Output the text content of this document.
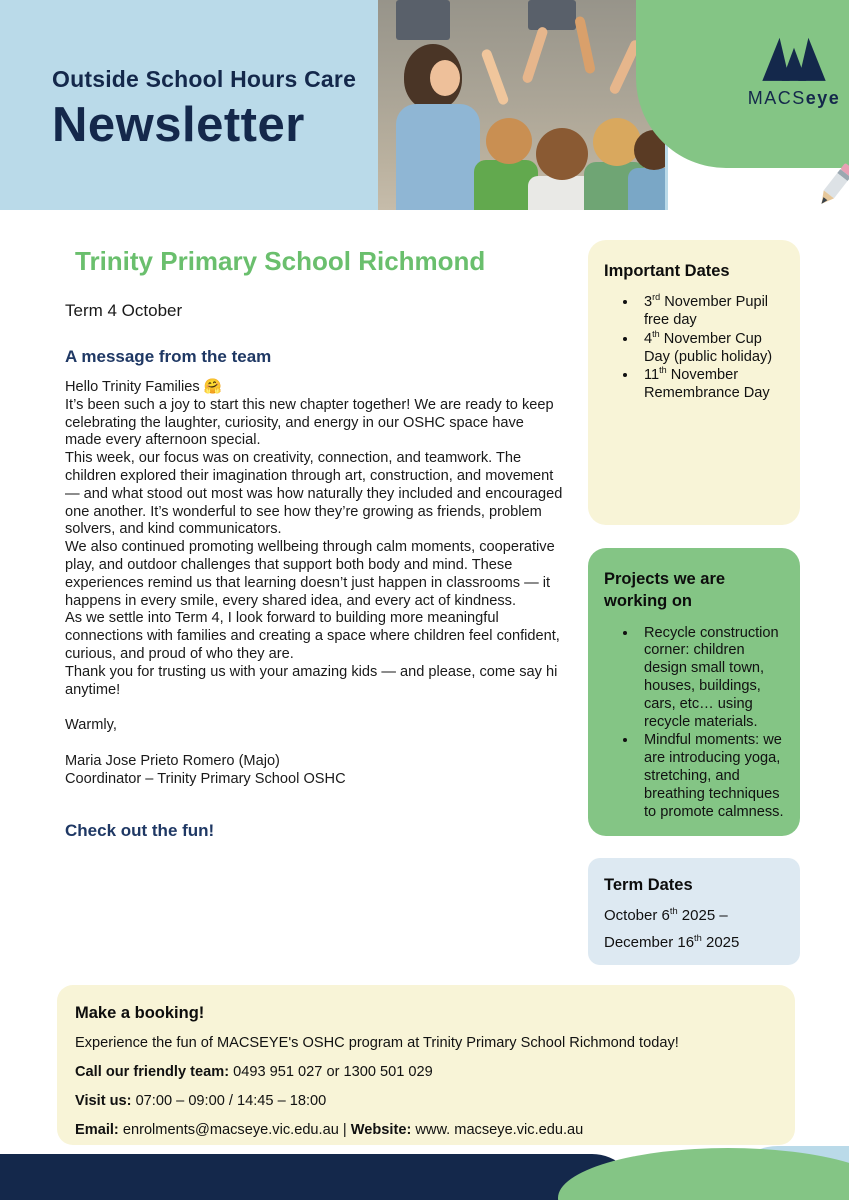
MACSeye
Outside School Hours Care
Newsletter
Trinity Primary School Richmond
Term 4 October
A message from the team

Hello Trinity Families 🤗

It’s been such a joy to start this new chapter together! We are ready to keep celebrating the laughter, curiosity, and energy in our OSHC space have made every afternoon special.

This week, our focus was on creativity, connection, and teamwork. The children explored their imagination through art, construction, and movement — and what stood out most was how naturally they included and encouraged one another. It’s wonderful to see how they’re growing as friends, problem solvers, and kind communicators.

We also continued promoting wellbeing through calm moments, cooperative play, and outdoor challenges that support both body and mind. These experiences remind us that learning doesn’t just happen in classrooms — it happens in every smile, every shared idea, and every act of kindness.

As we settle into Term 4, I look forward to building more meaningful connections with families and creating a space where children feel confident, curious, and proud of who they are.

Thank you for trusting us with your amazing kids — and please, come say hi anytime!

Warmly,

Maria Jose Prieto Romero (Majo)
Coordinator – Trinity Primary School OSHC
Check out the fun!
Important Dates
• 3rd November Pupil free day
• 4th November Cup Day (public holiday)
• 11th November Remembrance Day
Projects we are working on
• Recycle construction corner: children design small town, houses, buildings, cars, etc… using recycle materials.
• Mindful moments: we are introducing yoga, stretching, and breathing techniques to promote calmness.
Term Dates
October 6th 2025 –
December 16th 2025
Make a booking!

Experience the fun of MACSEYE's OSHC program at Trinity Primary School Richmond today!

Call our friendly team: 0493 951 027 or 1300 501 029

Visit us: 07:00 – 09:00 / 14:45 – 18:00

Email: enrolments@macseye.vic.edu.au | Website: www. macseye.vic.edu.au
